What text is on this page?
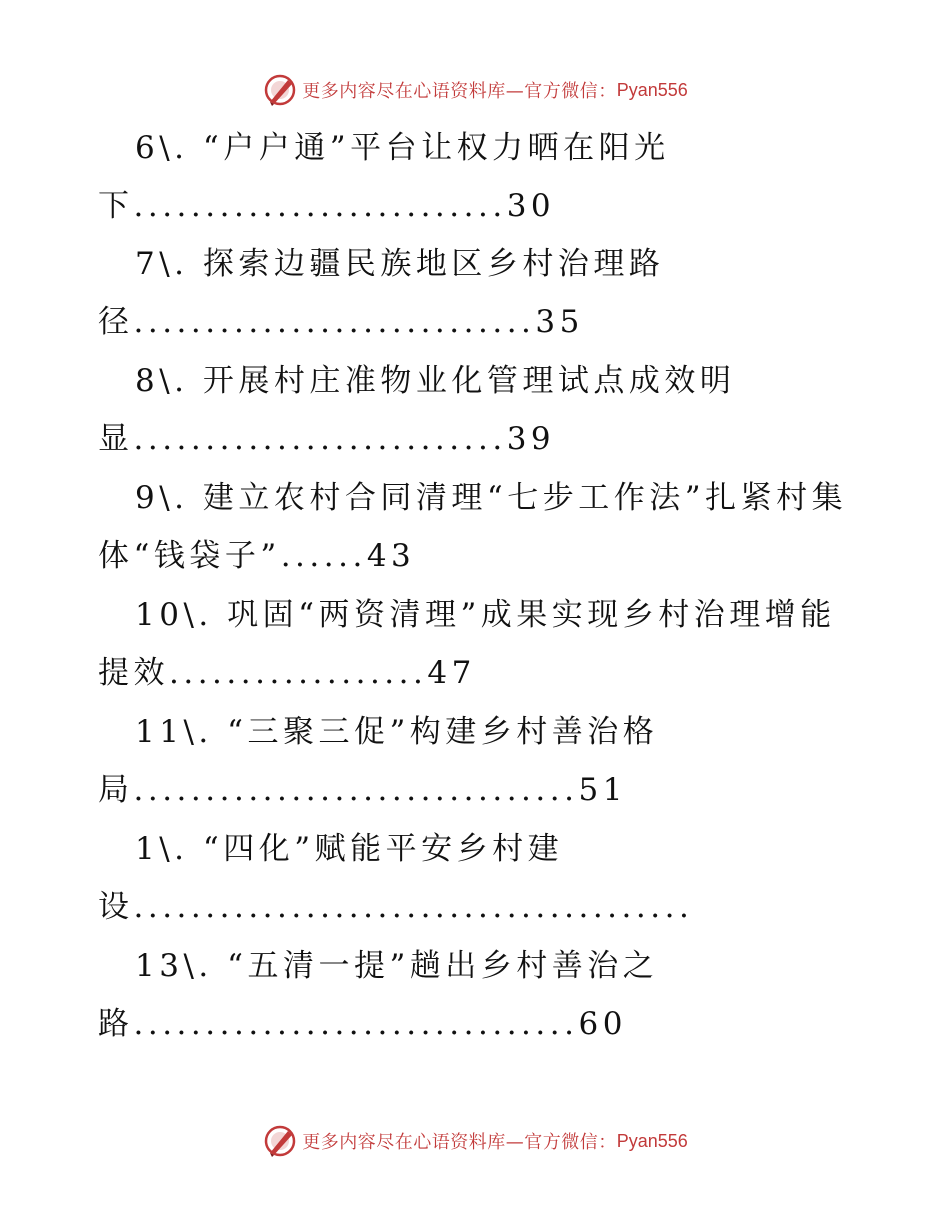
更多内容尽在心语资料库—官方微信： Pyan556
6\. “户户通”平台让权力晒在阳光
下..........................30
7\. 探索边疆民族地区乡村治理路
径............................35
8\. 开展村庄准物业化管理试点成效明
显..........................39
9\. 建立农村合同清理“七步工作法”扎紧村集
体“钱袋子”......43
10\. 巩固“两资清理”成果实现乡村治理增能
提效..................47
11\. “三聚三促”构建乡村善治格
局...............................51
1\. “四化”赋能平安乡村建
设.......................................
13\. “五清一提”趟出乡村善治之
路...............................60
更多内容尽在心语资料库—官方微信： Pyan556
